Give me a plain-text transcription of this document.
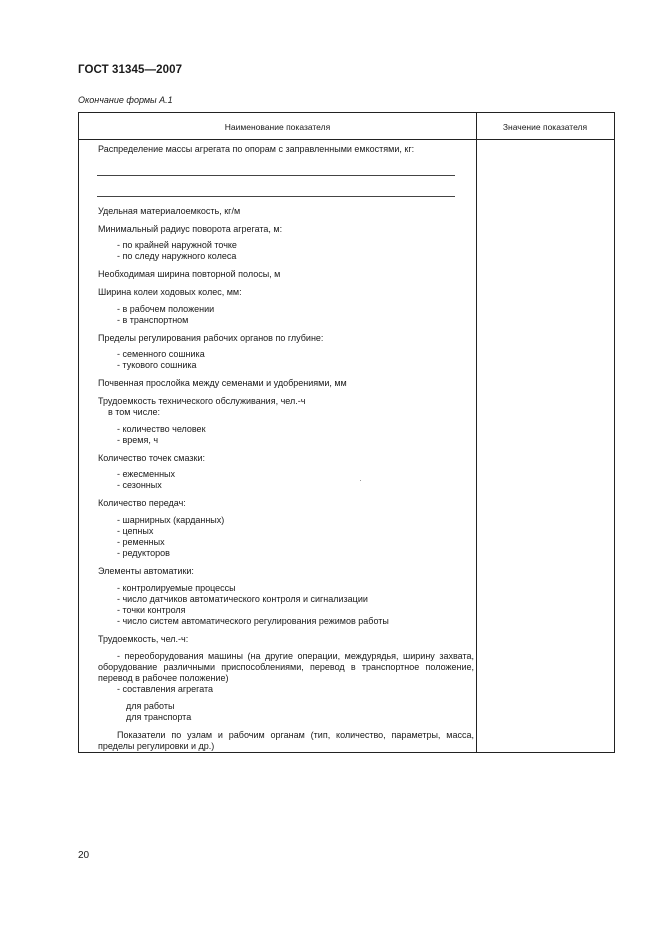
ГОСТ 31345—2007
Окончание формы А.1
Наименование показателя	Значение показателя
Распределение массы агрегата по опорам с заправленными емкостями, кг:
Удельная материалоемкость, кг/м
Минимальный радиус поворота агрегата, м:
- по крайней наружной точке
- по следу наружного колеса
Необходимая ширина повторной полосы, м
Ширина колеи ходовых колес, мм:
- в рабочем положении
- в транспортном
Пределы регулирования рабочих органов по глубине:
- семенного сошника
- тукового сошника
Почвенная прослойка между семенами и удобрениями, мм
Трудоемкость технического обслуживания, чел.-ч
в том числе:
- количество человек
- время, ч
Количество точек смазки:
- ежесменных
- сезонных
Количество передач:
- шарнирных (карданных)
- цепных
- ременных
- редукторов
Элементы автоматики:
- контролируемые процессы
- число датчиков автоматического контроля и сигнализации
- точки контроля
- число систем автоматического регулирования режимов работы
Трудоемкость, чел.-ч:
- переоборудования машины (на другие операции, междурядья, ширину захвата, оборудование различными приспособлениями, перевод в транспортное положение, перевод в рабочее положение)
- составления агрегата
для работы
для транспорта
Показатели по узлам и рабочим органам (тип, количество, параметры, масса, пределы регулировки и др.)
20
